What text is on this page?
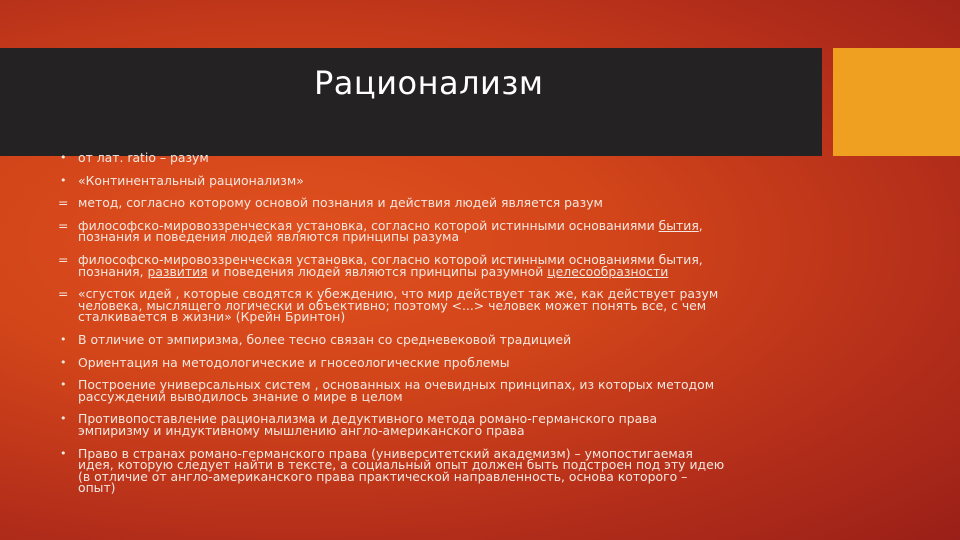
Рационализм
• от лат. ratio – разум
• «Континентальный рационализм»
= метод, согласно которому основой познания и действия людей является разум
= философско-мировоззренческая установка, согласно которой истинными основаниями бытия,
познания и поведения людей являются принципы разума
= философско-мировоззренческая установка, согласно которой истинными основаниями бытия,
познания, развития и поведения людей являются принципы разумной целесообразности
= «сгусток идей , которые сводятся к убеждению, что мир действует так же, как действует разум
человека, мыслящего логически и объективно; поэтому <...> человек может понять все, с чем
сталкивается в жизни» (Крейн Бринтон)
• В отличие от эмпиризма, более тесно связан со средневековой традицией
• Ориентация на методологические и гносеологические проблемы
• Построение универсальных систем , основанных на очевидных принципах, из которых методом
рассуждений выводилось знание о мире в целом
• Противопоставление рационализма и дедуктивного метода романо-германского права
эмпиризму и индуктивному мышлению англо-американского права
• Право в странах романо-германского права (университетский академизм) – умопостигаемая
идея, которую следует найти в тексте, а социальный опыт должен быть подстроен под эту идею
(в отличие от англо-американского права практической направленность, основа которого –
опыт)
